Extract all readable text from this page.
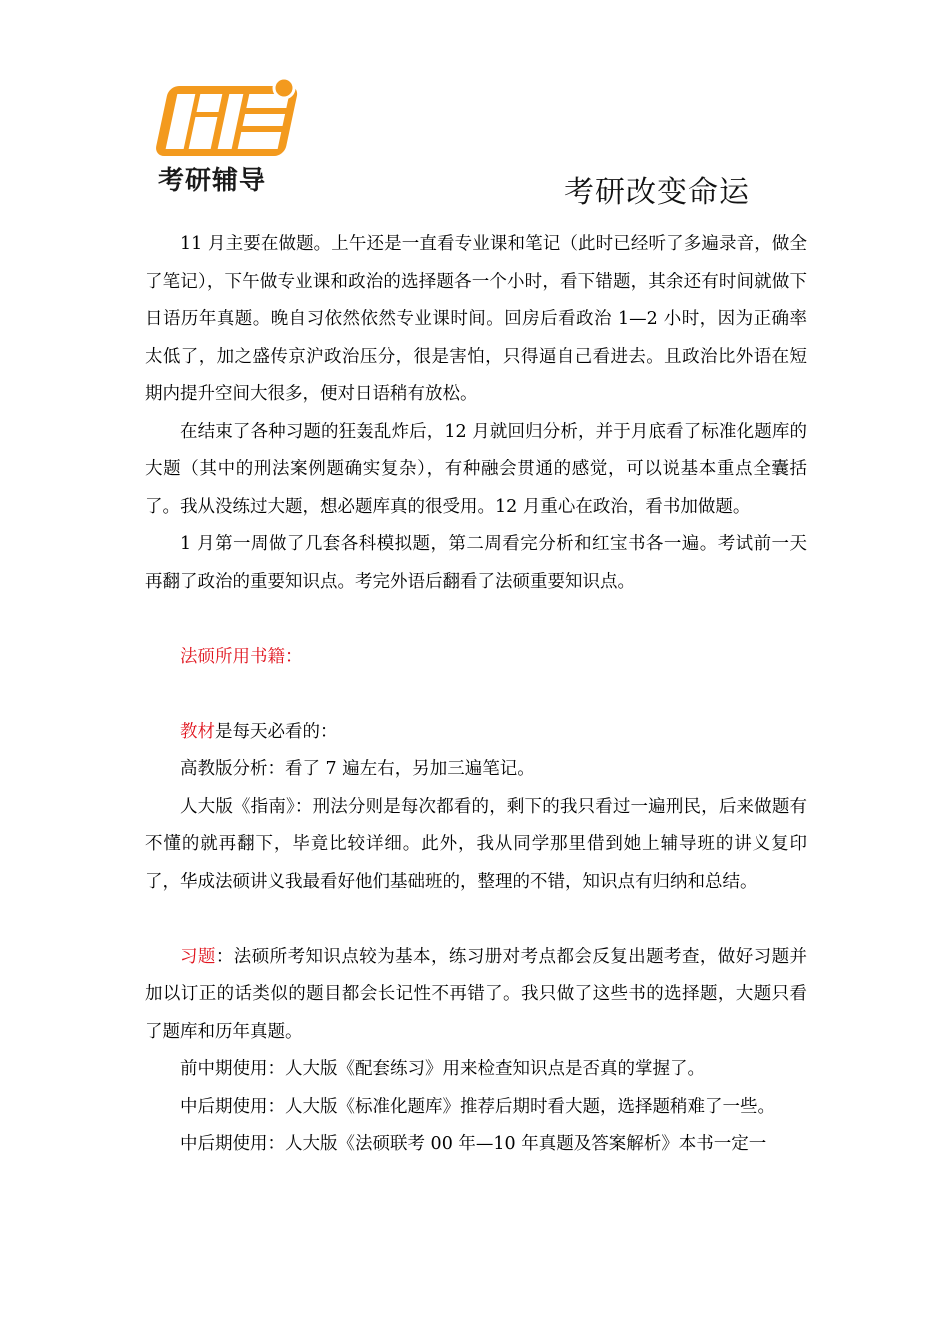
考研辅导	考研改变命运

11 月主要在做题。上午还是一直看专业课和笔记（此时已经听了多遍录音，做全了笔记），下午做专业课和政治的选择题各一个小时，看下错题，其余还有时间就做下日语历年真题。晚自习依然依然专业课时间。回房后看政治 1—2 小时，因为正确率太低了，加之盛传京沪政治压分，很是害怕，只得逼自己看进去。且政治比外语在短期内提升空间大很多，便对日语稍有放松。

在结束了各种习题的狂轰乱炸后，12 月就回归分析，并于月底看了标准化题库的大题（其中的刑法案例题确实复杂），有种融会贯通的感觉，可以说基本重点全囊括了。我从没练过大题，想必题库真的很受用。12 月重心在政治，看书加做题。

1 月第一周做了几套各科模拟题，第二周看完分析和红宝书各一遍。考试前一天再翻了政治的重要知识点。考完外语后翻看了法硕重要知识点。

法硕所用书籍：

教材是每天必看的：

高教版分析：看了 7 遍左右，另加三遍笔记。

人大版《指南》：刑法分则是每次都看的，剩下的我只看过一遍刑民，后来做题有不懂的就再翻下，毕竟比较详细。此外，我从同学那里借到她上辅导班的讲义复印了，华成法硕讲义我最看好他们基础班的，整理的不错，知识点有归纳和总结。

习题：法硕所考知识点较为基本，练习册对考点都会反复出题考查，做好习题并加以订正的话类似的题目都会长记性不再错了。我只做了这些书的选择题，大题只看了题库和历年真题。

前中期使用：人大版《配套练习》用来检查知识点是否真的掌握了。

中后期使用：人大版《标准化题库》推荐后期时看大题，选择题稍难了一些。

中后期使用：人大版《法硕联考 00 年—10 年真题及答案解析》本书一定一
